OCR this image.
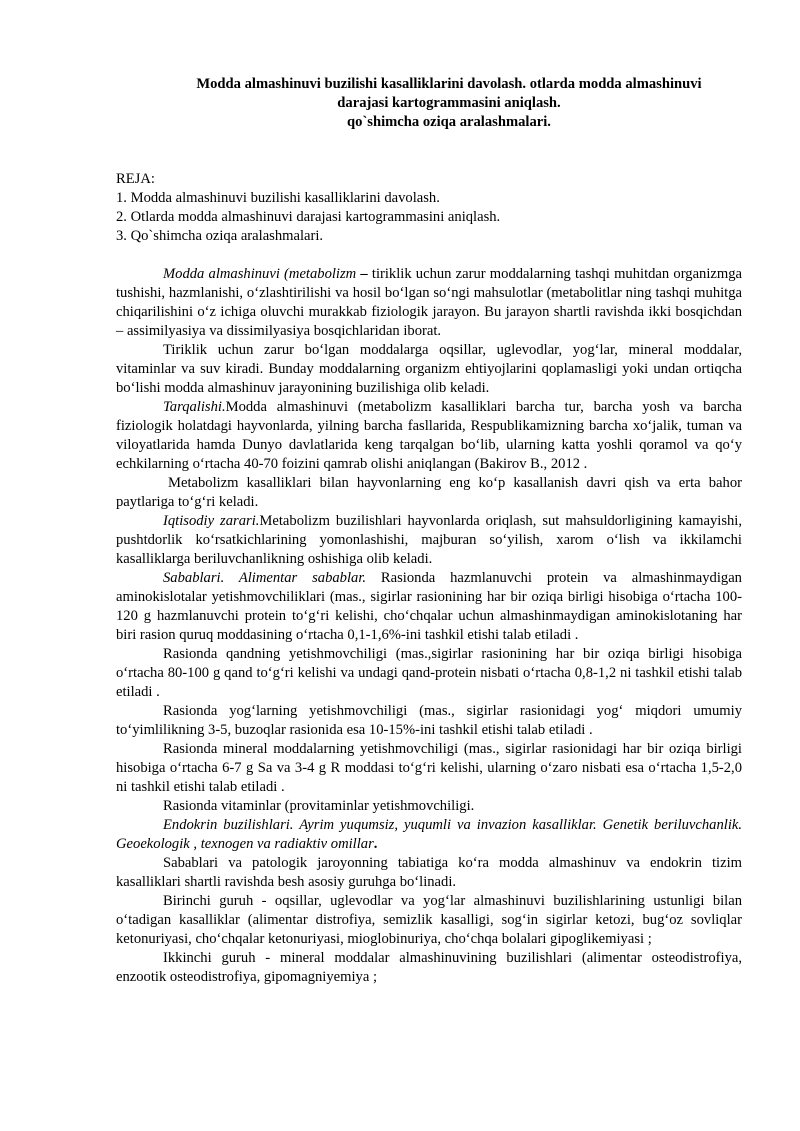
Modda almashinuvi buzilishi kasalliklarini davolash. otlarda modda almashinuvi
darajasi kartogrammasini aniqlash.
qo`shimcha oziqa aralashmalari.
REJA:
1. Modda almashinuvi buzilishi kasalliklarini davolash.
2. Otlarda modda almashinuvi darajasi kartogrammasini aniqlash.
3. Qo`shimcha oziqa aralashmalari.

Modda almashinuvi (metabolizm – tiriklik uchun zarur moddalarning tashqi muhitdan organizmga tushishi, hazmlanishi, oʻzlashtirilishi va hosil boʻlgan soʻngi mahsulotlar (metabolitlar ning tashqi muhitga chiqarilishini oʻz ichiga oluvchi murakkab fiziologik jarayon. Bu jarayon shartli ravishda ikki bosqichdan – assimilyasiya va dissimilyasiya bosqichlaridan iborat.

Tiriklik uchun zarur boʻlgan moddalarga oqsillar, uglevodlar, yogʻlar, mineral moddalar, vitaminlar va suv kiradi. Bunday moddalarning organizm ehtiyojlarini qoplamasligi yoki undan ortiqcha boʻlishi modda almashinuv jarayonining buzilishiga olib keladi.

Tarqalishi.Modda almashinuvi (metabolizm kasalliklari barcha tur, barcha yosh va barcha fiziologik holatdagi hayvonlarda, yilning barcha fasllarida, Respublikamizning barcha xoʻjalik, tuman va viloyatlarida hamda Dunyo davlatlarida keng tarqalgan boʻlib, ularning katta yoshli qoramol va qoʻy echkilarning oʻrtacha 40-70 foizini qamrab olishi aniqlangan (Bakirov B., 2012 .

Metabolizm kasalliklari bilan hayvonlarning eng koʻp kasallanish davri qish va erta bahor paytlariga toʻgʻri keladi.

Iqtisodiy zarari.Metabolizm buzilishlari hayvonlarda oriqlash, sut mahsuldorligining kamayishi, pushtdorlik koʻrsatkichlarining yomonlashishi, majburan soʻyilish, xarom oʻlish va ikkilamchi kasalliklarga beriluvchanlikning oshishiga olib keladi.

Sabablari. Alimentar sabablar. Rasionda hazmlanuvchi protein va almashinmaydigan aminokislotalar yetishmovchiliklari (mas., sigirlar rasionining har bir oziqa birligi hisobiga oʻrtacha 100-120 g hazmlanuvchi protein toʻgʻri kelishi, choʻchqalar uchun almashinmaydigan aminokislotaning har biri rasion quruq moddasining oʻrtacha 0,1-1,6%-ini tashkil etishi talab etiladi .

Rasionda qandning yetishmovchiligi (mas.,sigirlar rasionining har bir oziqa birligi hisobiga oʻrtacha 80-100 g qand toʻgʻri kelishi va undagi qand-protein nisbati oʻrtacha 0,8-1,2 ni tashkil etishi talab etiladi .

Rasionda yogʻlarning yetishmovchiligi (mas., sigirlar rasionidagi yogʻ miqdori umumiy toʻyimlilikning 3-5, buzoqlar rasionida esa 10-15%-ini tashkil etishi talab etiladi .

Rasionda mineral moddalarning yetishmovchiligi (mas., sigirlar rasionidagi har bir oziqa birligi hisobiga oʻrtacha 6-7 g Sa va 3-4 g R moddasi toʻgʻri kelishi, ularning oʻzaro nisbati esa oʻrtacha 1,5-2,0 ni tashkil etishi talab etiladi .

Rasionda vitaminlar (provitaminlar yetishmovchiligi.

Endokrin buzilishlari. Ayrim yuqumsiz, yuqumli va invazion kasalliklar. Genetik beriluvchanlik. Geoekologik , texnogen va radiaktiv omillar.

Sabablari va patologik jaroyonning tabiatiga koʻra modda almashinuv va endokrin tizim kasalliklari shartli ravishda besh asosiy guruhga boʻlinadi.

Birinchi guruh - oqsillar, uglevodlar va yogʻlar almashinuvi buzilishlarining ustunligi bilan oʻtadigan kasalliklar (alimentar distrofiya, semizlik kasalligi, sogʻin sigirlar ketozi, bugʻoz sovliqlar ketonuriyasi, choʻchqalar ketonuriyasi, mioglobinuriya, choʻchqa bolalari gipoglikemiyasi ;

Ikkinchi guruh - mineral moddalar almashinuvining buzilishlari (alimentar osteodistrofiya, enzootik osteodistrofiya, gipomagniyemiya ;
